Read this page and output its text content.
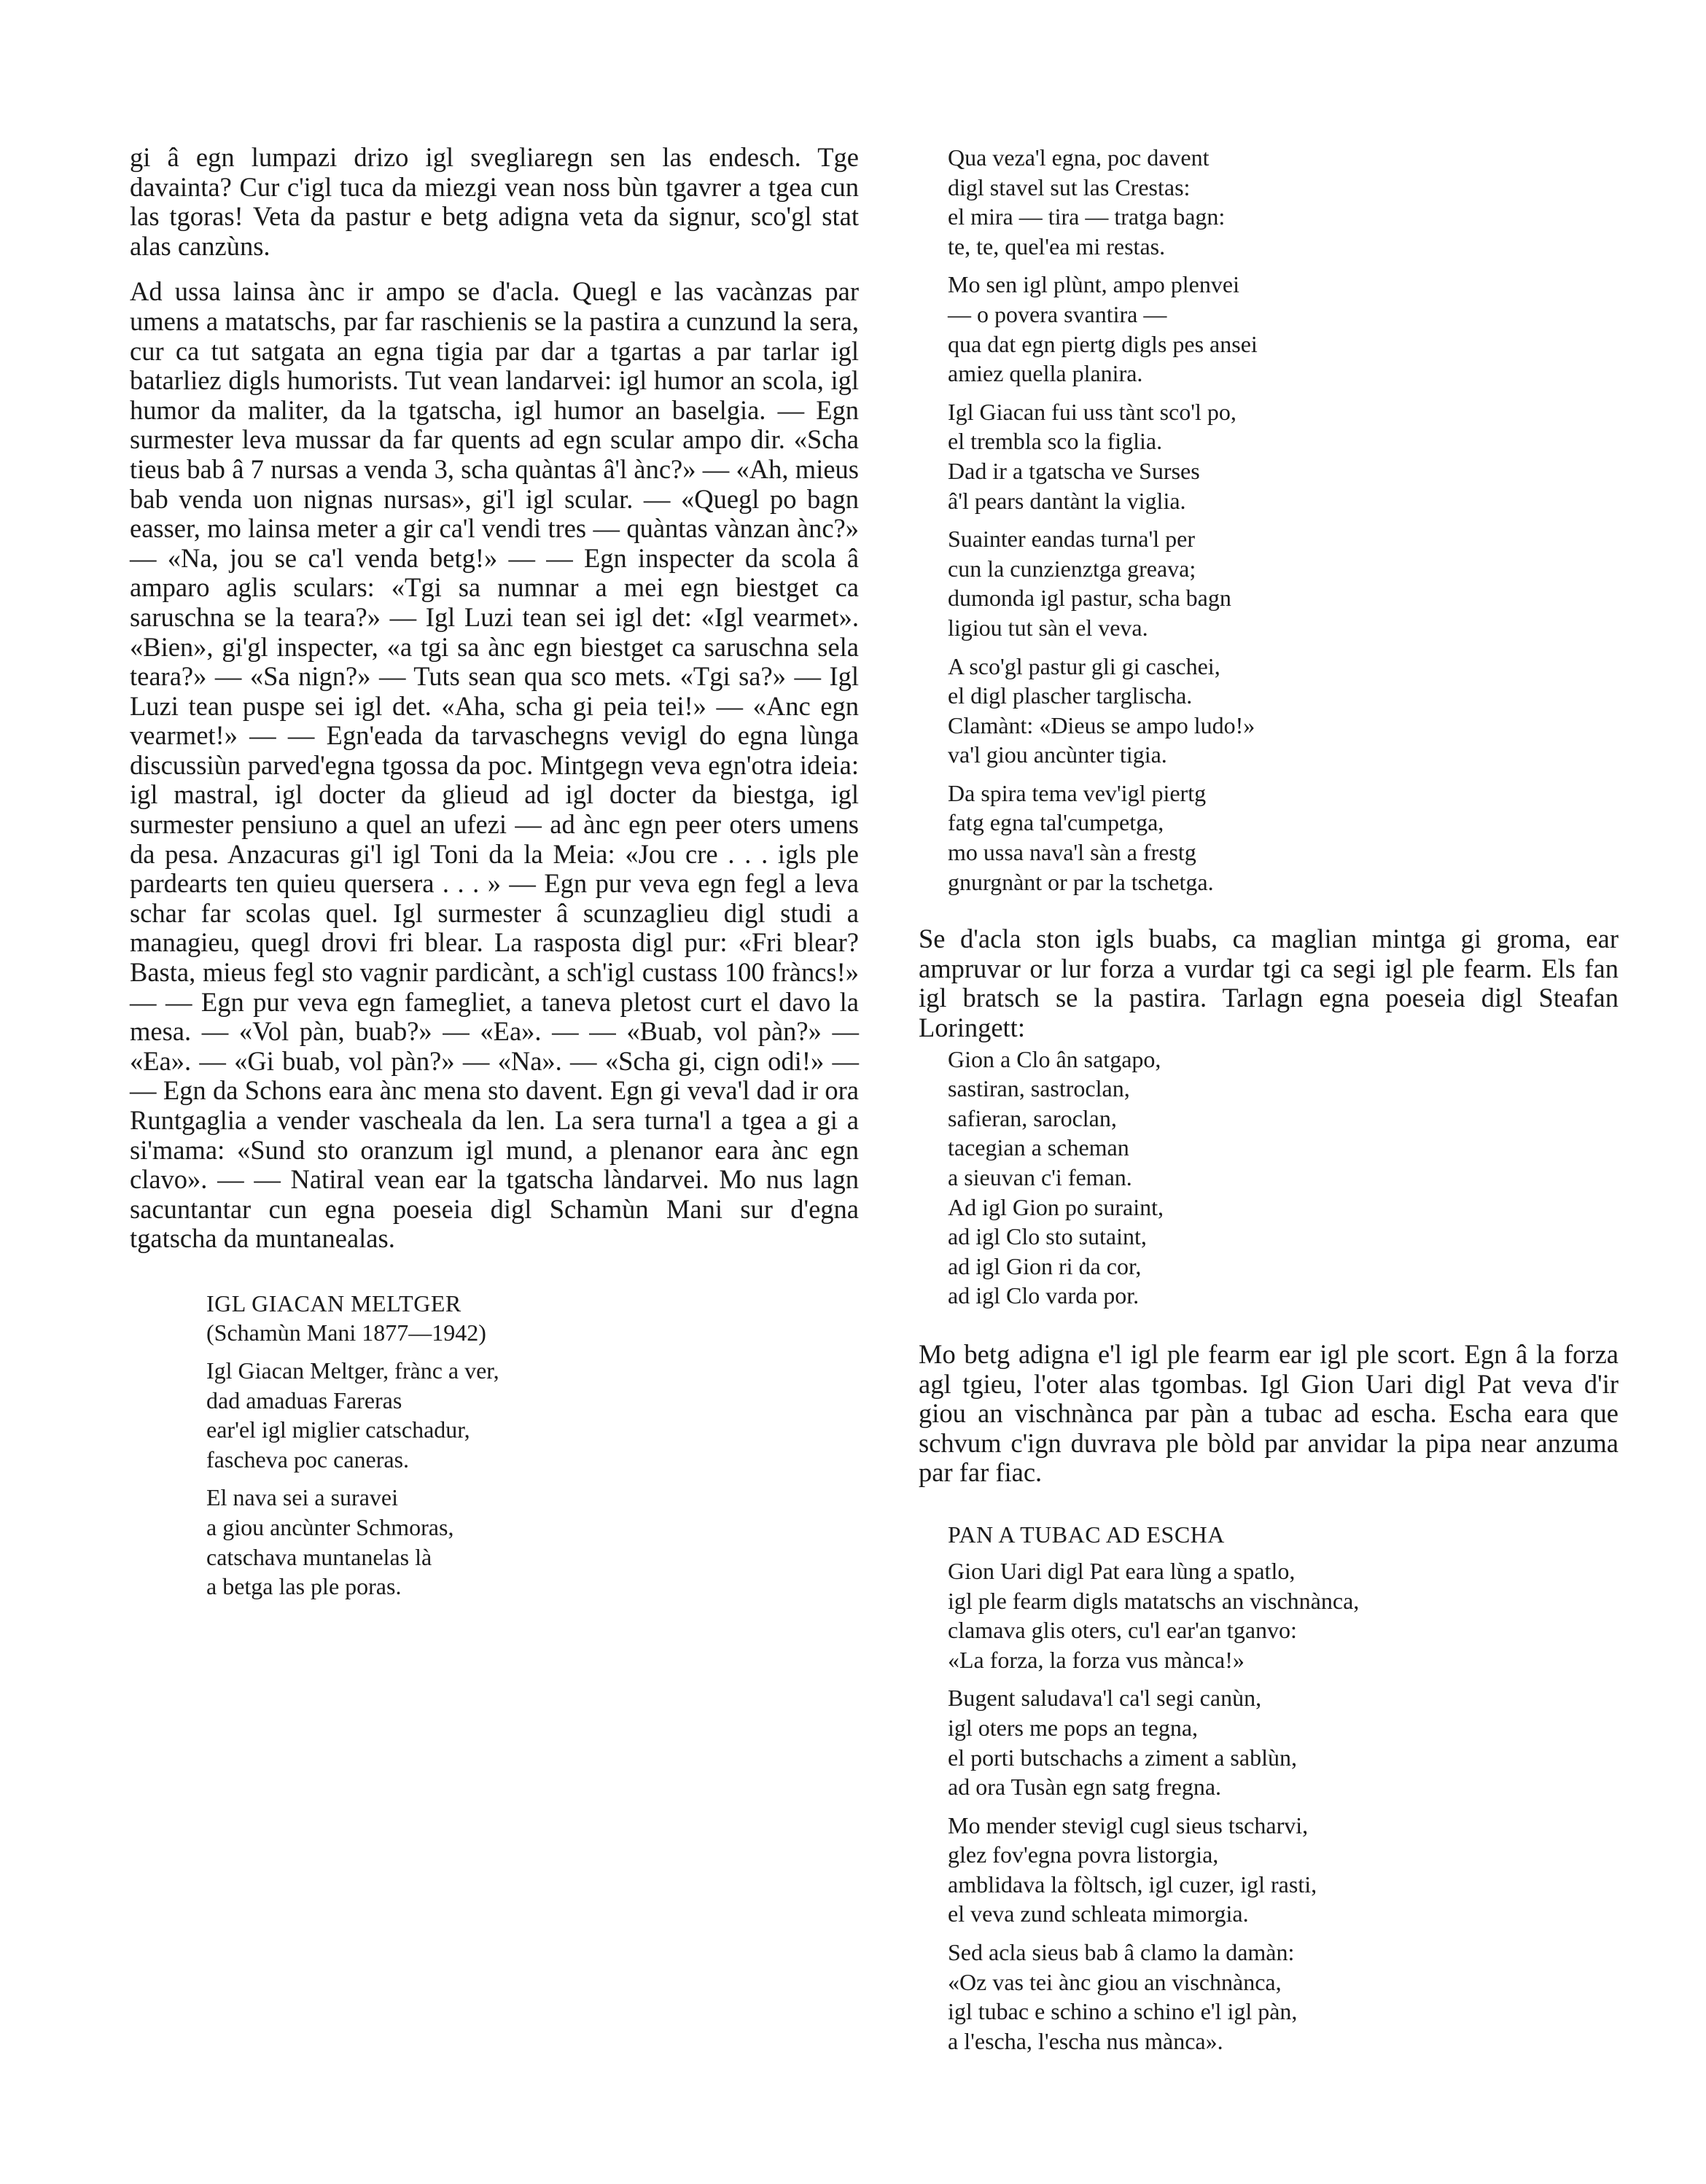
gi â egn lumpazi drizo igl svegliaregn sen las endesch. Tge davainta? Cur c'igl tuca da miezgi vean noss bùn tgavrer a tgea cun las tgoras! Veta da pastur e betg adigna veta da signur, sco'gl stat alas canzùns.

Ad ussa lainsa ànc ir ampo se d'acla. Quegl e las vacànzas par umens a matatschs, par far raschienis se la pastira a cunzund la sera, cur ca tut satgata an egna tigia par dar a tgartas a par tarlar igl batarliez digls humorists. Tut vean landarvei: igl humor an scola, igl humor da maliter, da la tgatscha, igl humor an baselgia. — Egn surmester leva mussar da far quents ad egn scular ampo dir. «Scha tieus bab â 7 nursas a venda 3, scha quàntas â'l ànc?» — «Ah, mieus bab venda uon nignas nursas», gi'l igl scular. — «Quegl po bagn easser, mo lainsa meter a gir ca'l vendi tres — quàntas vànzan ànc?» — «Na, jou se ca'l venda betg!» — — Egn inspecter da scola â amparo aglis sculars: «Tgi sa numnar a mei egn biestget ca saruschna se la teara?» — Igl Luzi tean sei igl det: «Igl vearmet». «Bien», gi'gl inspecter, «a tgi sa ànc egn biestget ca saruschna sela teara?» — «Sa nign?» — Tuts sean qua sco mets. «Tgi sa?» — Igl Luzi tean puspe sei igl det. «Aha, scha gi peia tei!» — «Anc egn vearmet!» — — Egn'eada da tarvaschegns vevigl do egna lùnga discussiùn parved'egna tgossa da poc. Mintgegn veva egn'otra ideia: igl mastral, igl docter da glieud ad igl docter da biestga, igl surmester pensiuno a quel an ufezi — ad ànc egn peer oters umens da pesa. Anzacuras gi'l igl Toni da la Meia: «Jou cre . . . igls ple pardearts ten quieu quersera . . . » — Egn pur veva egn fegl a leva schar far scolas quel. Igl surmester â scunzaglieu digl studi a managieu, quegl drovi fri blear. La rasposta digl pur: «Fri blear? Basta, mieus fegl sto vagnir pardicànt, a sch'igl custass 100 fràncs!» — — Egn pur veva egn famegliet, a taneva pletost curt el davo la mesa. — «Vol pàn, buab?» — «Ea». — — «Buab, vol pàn?» — «Ea». — «Gi buab, vol pàn?» — «Na». — «Scha gi, cign odi!» — — Egn da Schons eara ànc mena sto davent. Egn gi veva'l dad ir ora Runtgaglia a vender vascheala da len. La sera turna'l a tgea a gi a si'mama: «Sund sto oranzum igl mund, a plenanor eara ànc egn clavo». — — Natiral vean ear la tgatscha làndarvei. Mo nus lagn sacuntantar cun egna poeseia digl Schamùn Mani sur d'egna tgatscha da muntanealas.

IGL GIACAN MELTGER

(Schamùn Mani 1877—1942)

Igl Giacan Meltger, frànc a ver,
dad amaduas Fareras
ear'el igl miglier catschadur,
fascheva poc caneras.
El nava sei a suravei
a giou ancùnter Schmoras,
catschava muntanelas là
a betga las ple poras.
Qua veza'l egna, poc davent
digl stavel sut las Crestas:
el mira — tira — tratga bagn:
te, te, quel'ea mi restas.
Mo sen igl plùnt, ampo plenvei
— o povera svantira —
qua dat egn piertg digls pes ansei
amiez quella planira.
Igl Giacan fui uss tànt sco'l po,
el trembla sco la figlia.
Dad ir a tgatscha ve Surses
â'l pears dantànt la viglia.
Suainter eandas turna'l per
cun la cunzienztga greava;
dumonda igl pastur, scha bagn
ligiou tut sàn el veva.
A sco'gl pastur gli gi caschei,
el digl plascher targlischa.
Clamànt: «Dieus se ampo ludo!»
va'l giou ancùnter tigia.
Da spira tema vev'igl piertg
fatg egna tal'cumpetga,
mo ussa nava'l sàn a frestg
gnurgnànt or par la tschetga.

Se d'acla ston igls buabs, ca maglian mintga gi groma, ear ampruvar or lur forza a vurdar tgi ca segi igl ple fearm. Els fan igl bratsch se la pastira. Tarlagn egna poeseia digl Steafan Loringett:

Gion a Clo ân satgapo,
sastiran, sastroclan,
safieran, saroclan,
tacegian a scheman
a sieuvan c'i feman.
Ad igl Gion po suraint,
ad igl Clo sto sutaint,
ad igl Gion ri da cor,
ad igl Clo varda por.

Mo betg adigna e'l igl ple fearm ear igl ple scort. Egn â la forza agl tgieu, l'oter alas tgombas. Igl Gion Uari digl Pat veva d'ir giou an vischnànca par pàn a tubac ad escha. Escha eara que schvum c'ign duvrava ple bòld par anvidar la pipa near anzuma par far fiac.

PAN A TUBAC AD ESCHA

Gion Uari digl Pat eara lùng a spatlo,
igl ple fearm digls matatschs an vischnànca,
clamava glis oters, cu'l ear'an tganvo:
«La forza, la forza vus mànca!»
Bugent saludava'l ca'l segi canùn,
igl oters me pops an tegna,
el porti butschachs a ziment a sablùn,
ad ora Tusàn egn satg fregna.
Mo mender stevigl cugl sieus tscharvi,
glez fov'egna povra listorgia,
amblidava la fòltsch, igl cuzer, igl rasti,
el veva zund schleata mimorgia.
Sed acla sieus bab â clamo la damàn:
«Oz vas tei ànc giou an vischnànca,
igl tubac e schino a schino e'l igl pàn,
a l'escha, l'escha nus mànca».
